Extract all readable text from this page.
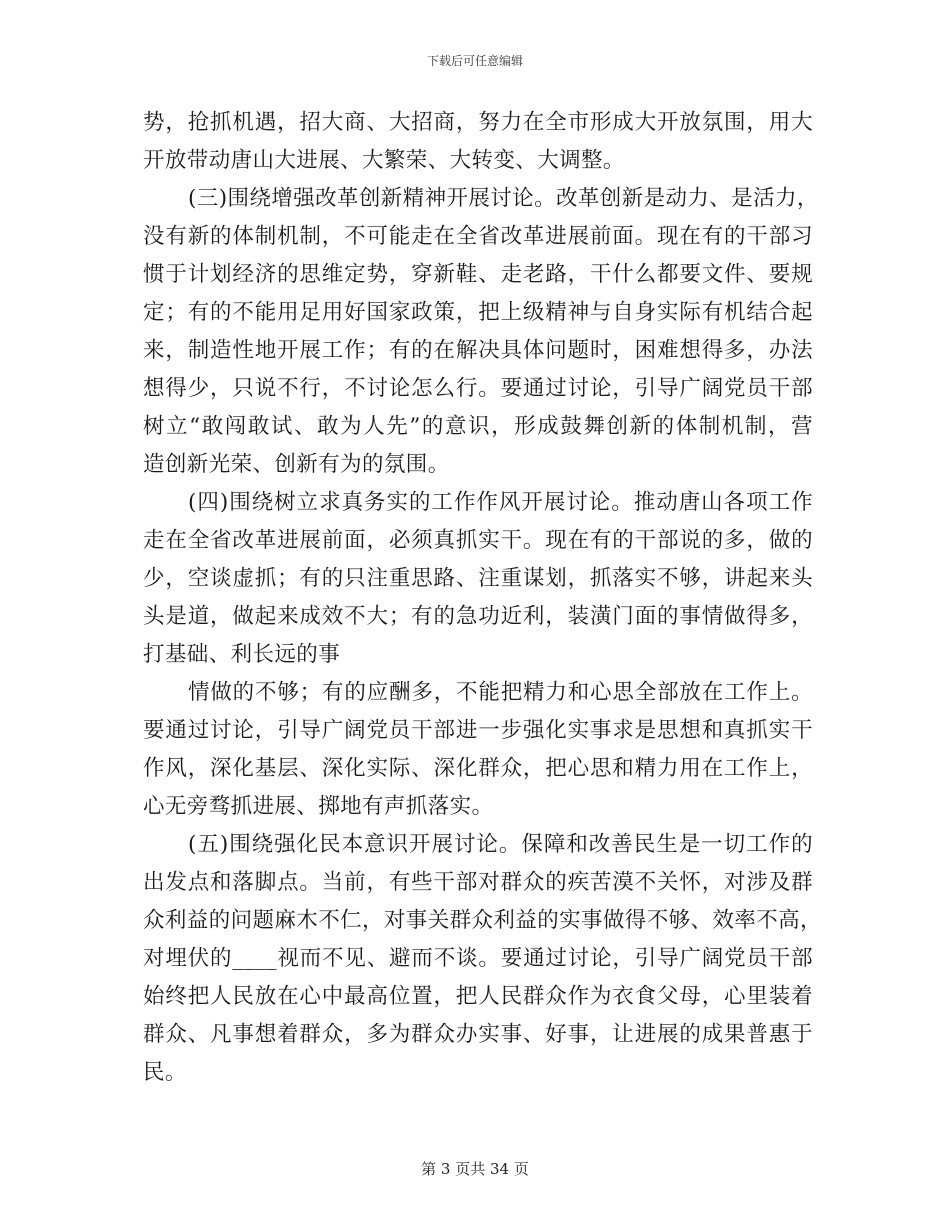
下载后可任意编辑
势，抢抓机遇，招大商、大招商，努力在全市形成大开放氛围，用大
开放带动唐山大进展、大繁荣、大转变、大调整。
(三)围绕增强改革创新精神开展讨论。改革创新是动力、是活力，
没有新的体制机制，不可能走在全省改革进展前面。现在有的干部习
惯于计划经济的思维定势，穿新鞋、走老路，干什么都要文件、要规
定；有的不能用足用好国家政策，把上级精神与自身实际有机结合起
来，制造性地开展工作；有的在解决具体问题时，困难想得多，办法
想得少，只说不行，不讨论怎么行。要通过讨论，引导广阔党员干部
树立“敢闯敢试、敢为人先”的意识，形成鼓舞创新的体制机制，营
造创新光荣、创新有为的氛围。
(四)围绕树立求真务实的工作作风开展讨论。推动唐山各项工作
走在全省改革进展前面，必须真抓实干。现在有的干部说的多，做的
少，空谈虚抓；有的只注重思路、注重谋划，抓落实不够，讲起来头
头是道，做起来成效不大；有的急功近利，装潢门面的事情做得多，
打基础、利长远的事
情做的不够；有的应酬多，不能把精力和心思全部放在工作上。
要通过讨论，引导广阔党员干部进一步强化实事求是思想和真抓实干
作风，深化基层、深化实际、深化群众，把心思和精力用在工作上，
心无旁骛抓进展、掷地有声抓落实。
(五)围绕强化民本意识开展讨论。保障和改善民生是一切工作的
出发点和落脚点。当前，有些干部对群众的疾苦漠不关怀，对涉及群
众利益的问题麻木不仁，对事关群众利益的实事做得不够、效率不高，
对埋伏的____视而不见、避而不谈。要通过讨论，引导广阔党员干部
始终把人民放在心中最高位置，把人民群众作为衣食父母，心里装着
群众、凡事想着群众，多为群众办实事、好事，让进展的成果普惠于
民。
第 3 页共 34 页
